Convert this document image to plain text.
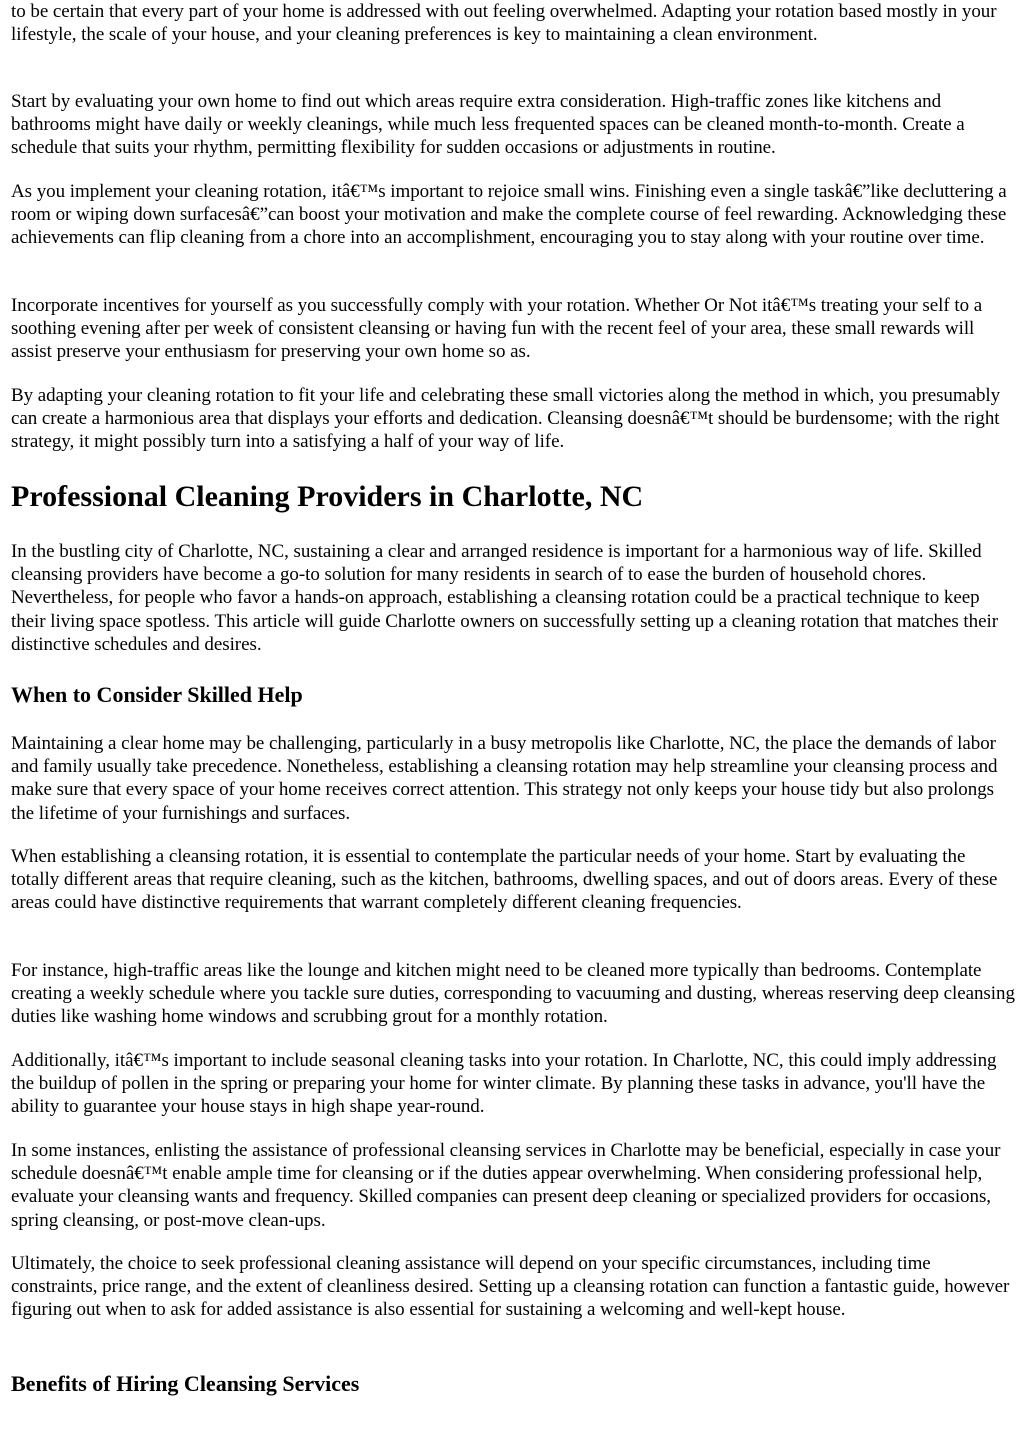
to be certain that every part of your home is addressed with out feeling overwhelmed. Adapting your rotation based mostly in your lifestyle, the scale of your house, and your cleaning preferences is key to maintaining a clean environment.

Start by evaluating your own home to find out which areas require extra consideration. High-traffic zones like kitchens and bathrooms might have daily or weekly cleanings, while much less frequented spaces can be cleaned month-to-month. Create a schedule that suits your rhythm, permitting flexibility for sudden occasions or adjustments in routine.

As you implement your cleaning rotation, itâ€™s important to rejoice small wins. Finishing even a single taskâ€”like decluttering a room or wiping down surfacesâ€”can boost your motivation and make the complete course of feel rewarding. Acknowledging these achievements can flip cleaning from a chore into an accomplishment, encouraging you to stay along with your routine over time.

Incorporate incentives for yourself as you successfully comply with your rotation. Whether Or Not itâ€™s treating your self to a soothing evening after per week of consistent cleansing or having fun with the recent feel of your area, these small rewards will assist preserve your enthusiasm for preserving your own home so as.

By adapting your cleaning rotation to fit your life and celebrating these small victories along the method in which, you presumably can create a harmonious area that displays your efforts and dedication. Cleansing doesnâ€™t should be burdensome; with the right strategy, it might possibly turn into a satisfying a half of your way of life.

Professional Cleaning Providers in Charlotte, NC

In the bustling city of Charlotte, NC, sustaining a clear and arranged residence is important for a harmonious way of life. Skilled cleansing providers have become a go-to solution for many residents in search of to ease the burden of household chores. Nevertheless, for people who favor a hands-on approach, establishing a cleansing rotation could be a practical technique to keep their living space spotless. This article will guide Charlotte owners on successfully setting up a cleaning rotation that matches their distinctive schedules and desires.

When to Consider Skilled Help

Maintaining a clear home may be challenging, particularly in a busy metropolis like Charlotte, NC, the place the demands of labor and family usually take precedence. Nonetheless, establishing a cleansing rotation may help streamline your cleansing process and make sure that every space of your home receives correct attention. This strategy not only keeps your house tidy but also prolongs the lifetime of your furnishings and surfaces.

When establishing a cleansing rotation, it is essential to contemplate the particular needs of your home. Start by evaluating the totally different areas that require cleaning, such as the kitchen, bathrooms, dwelling spaces, and out of doors areas. Every of these areas could have distinctive requirements that warrant completely different cleaning frequencies.

For instance, high-traffic areas like the lounge and kitchen might need to be cleaned more typically than bedrooms. Contemplate creating a weekly schedule where you tackle sure duties, corresponding to vacuuming and dusting, whereas reserving deep cleansing duties like washing home windows and scrubbing grout for a monthly rotation.

Additionally, itâ€™s important to include seasonal cleaning tasks into your rotation. In Charlotte, NC, this could imply addressing the buildup of pollen in the spring or preparing your home for winter climate. By planning these tasks in advance, you'll have the ability to guarantee your house stays in high shape year-round.

In some instances, enlisting the assistance of professional cleansing services in Charlotte may be beneficial, especially in case your schedule doesnâ€™t enable ample time for cleansing or if the duties appear overwhelming. When considering professional help, evaluate your cleansing wants and frequency. Skilled companies can present deep cleaning or specialized providers for occasions, spring cleansing, or post-move clean-ups.

Ultimately, the choice to seek professional cleaning assistance will depend on your specific circumstances, including time constraints, price range, and the extent of cleanliness desired. Setting up a cleansing rotation can function a fantastic guide, however figuring out when to ask for added assistance is also essential for sustaining a welcoming and well-kept house.

Benefits of Hiring Cleansing Services
